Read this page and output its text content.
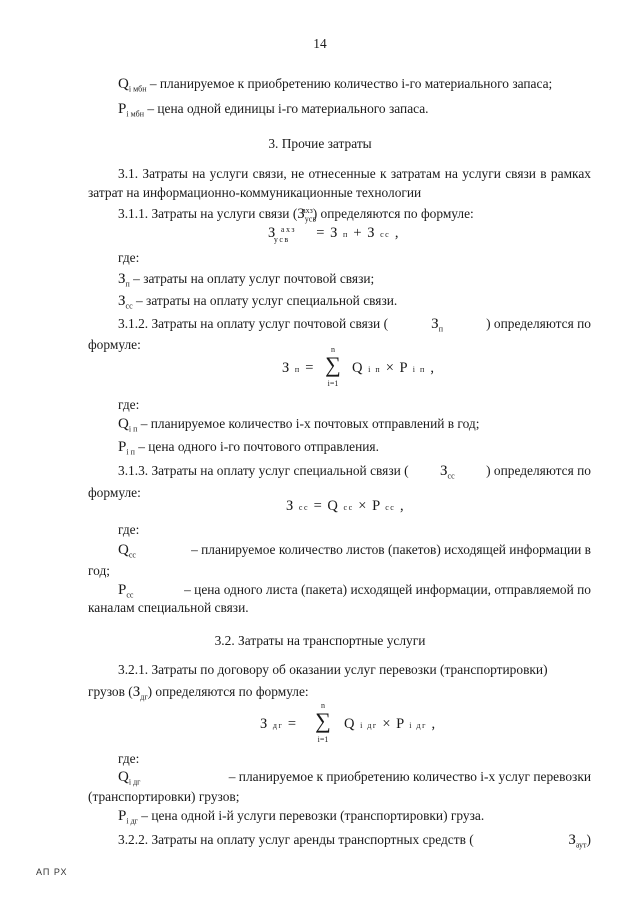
14
$Q_{i мбн}$ – планируемое к приобретению количество i-го материального запаса;
$P_{i мбн}$ – цена одной единицы i-го материального запаса.
3. Прочие затраты
3.1. Затраты на услуги связи, не отнесенные к затратам на услуги связи в рамках затрат на информационно-коммуникационные технологии
3.1.1. Затраты на услуги связи $(З_{усв}^{ахз})$ определяются по формуле:
З $^{ахз}_{усв}$ = З п + З сс ,
где:
$З_п$ – затраты на оплату услуг почтовой связи;
$З_{сс}$ – затраты на оплату услуг специальной связи.
3.1.2. Затраты на оплату услуг почтовой связи (	$З_п$	) определяются по
формуле:
З п =
n
∑
i=1
Q i п × P i п ,
где:
$Q_{i п}$ – планируемое количество i-х почтовых отправлений в год;
$P_{i п}$ – цена одного i-го почтового отправления.
3.1.3. Затраты на оплату услуг специальной связи ( $З_{сс}$ ) определяются по
формуле:
З сс = Q сс × P сс ,
где:
$Q_{сс}$	– планируемое количество листов (пакетов) исходящей информации в
год;
$P_{сс}$	– цена одного листа (пакета) исходящей информации, отправляемой по
каналам специальной связи.
3.2. Затраты на транспортные услуги
3.2.1. Затраты по договору об оказании услуг перевозки (транспортировки)
грузов $(З_{дг})$ определяются по формуле:
З дг =
n
∑
i=1
Q i дг × P i дг ,
где:
$Q_{i дг}$	– планируемое к приобретению количество i-х услуг перевозки
(транспортировки) грузов;
$P_{i дг}$ – цена одной i-й услуги перевозки (транспортировки) груза.
3.2.2. Затраты на оплату услуг аренды транспортных средств (	$З_{аут}$)
АП РХ
